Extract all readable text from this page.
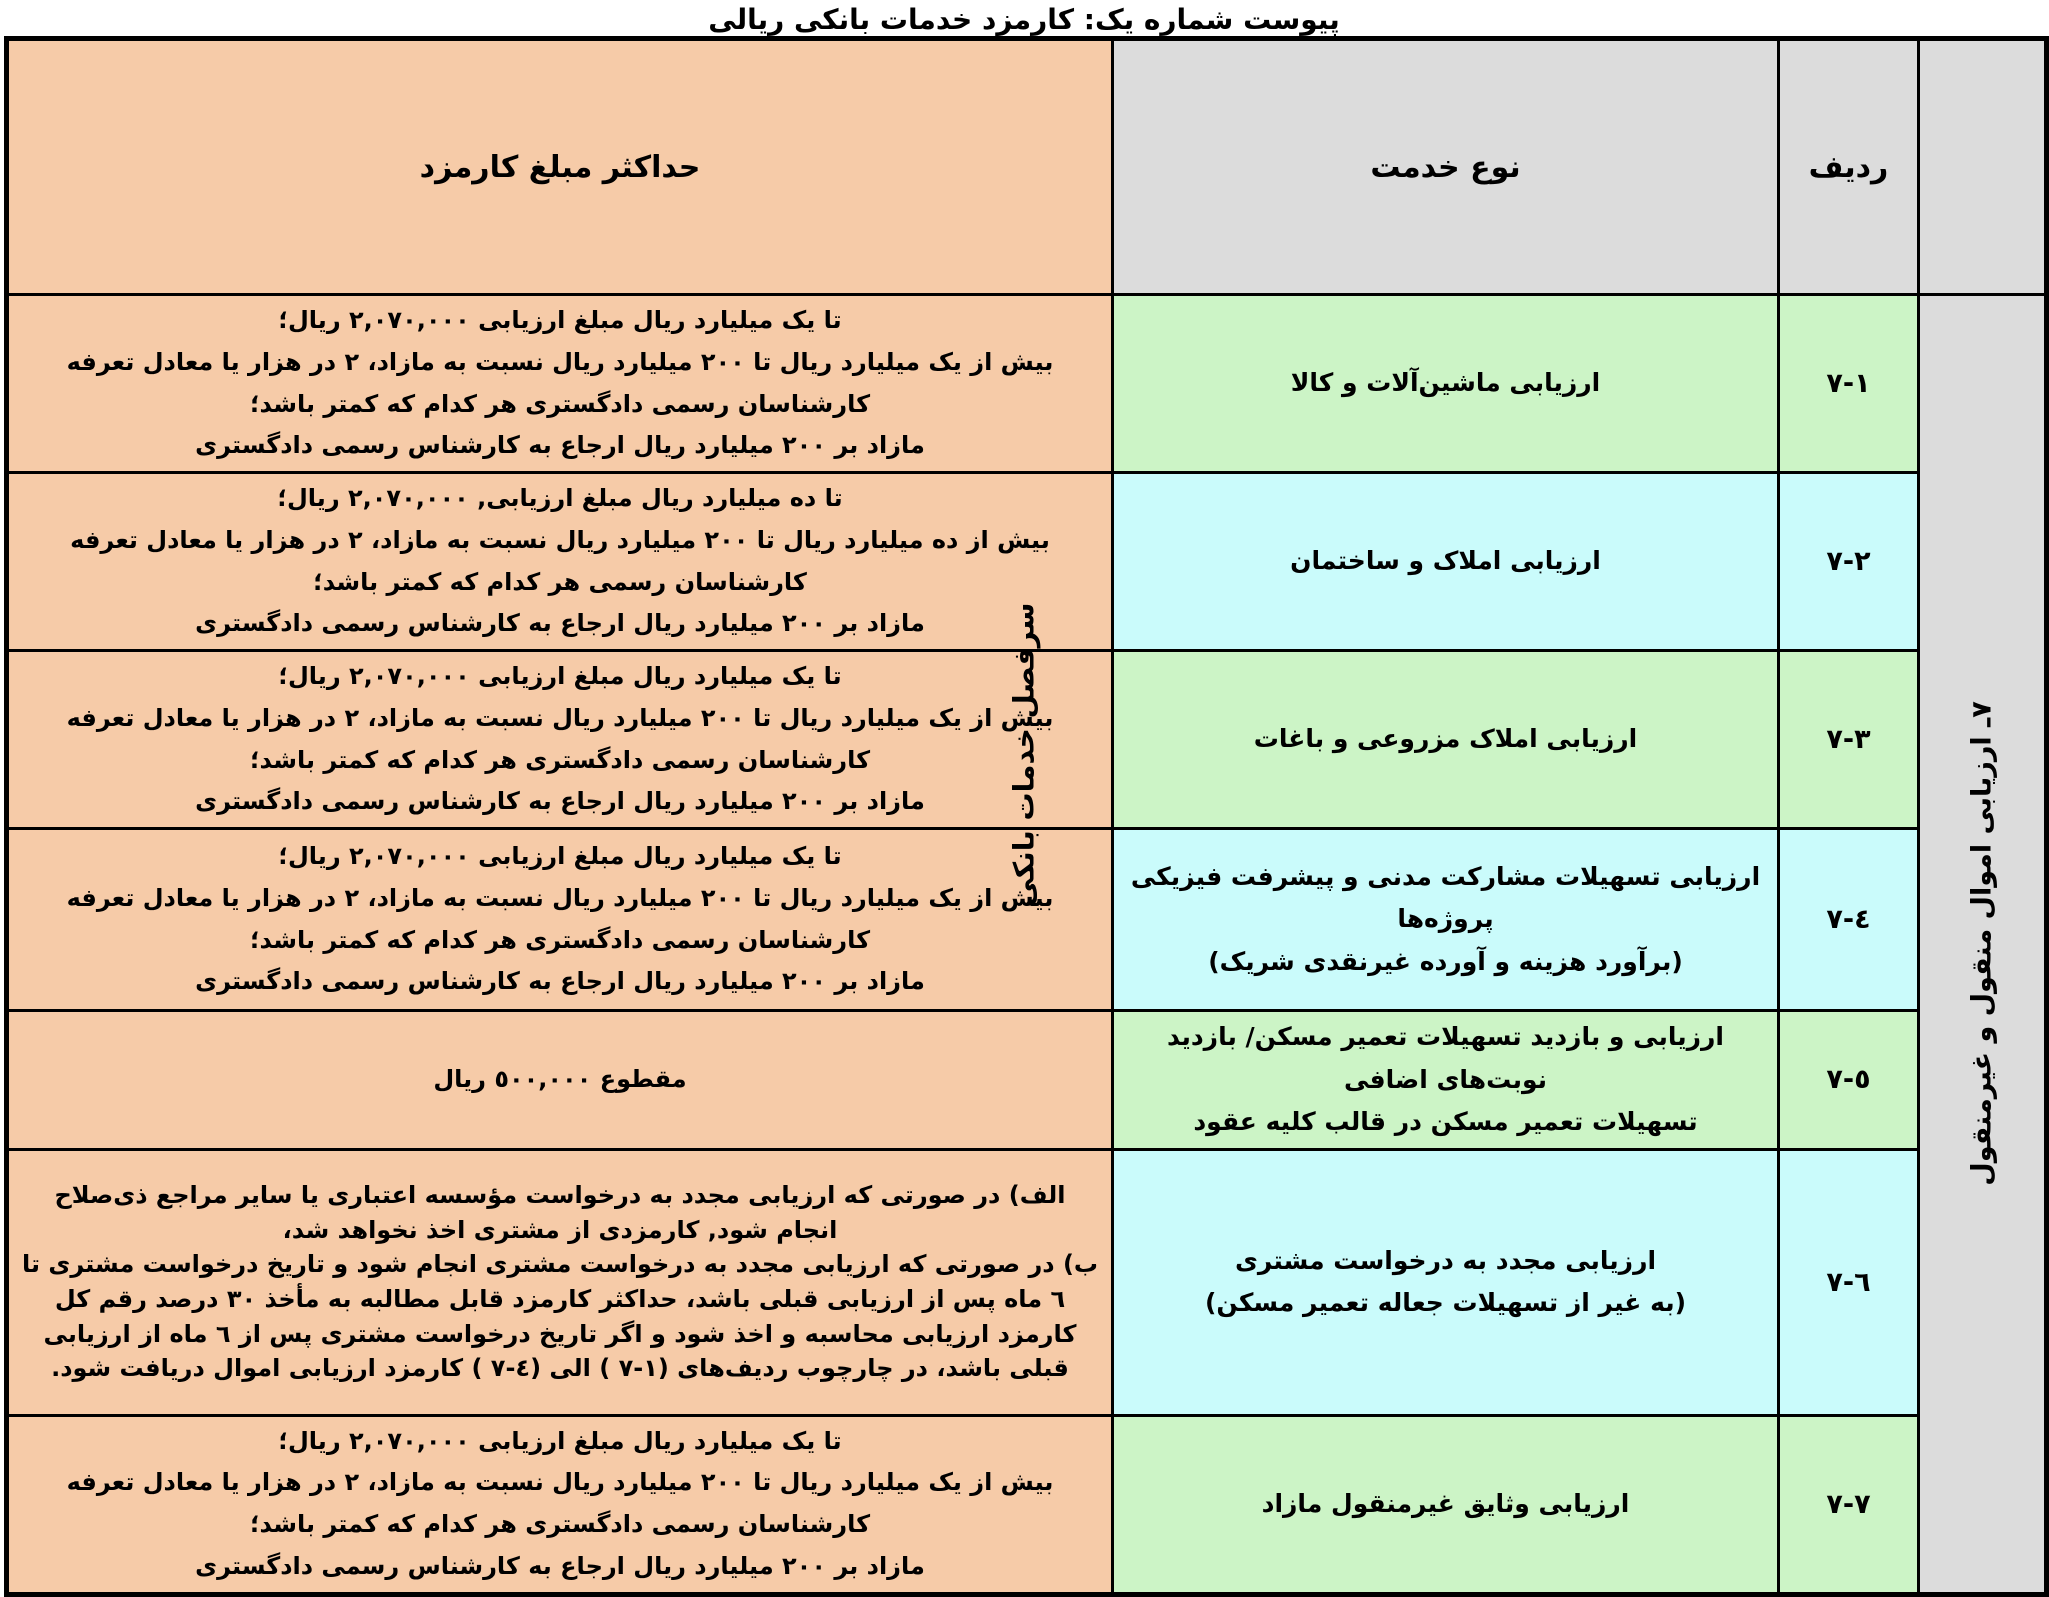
پیوست شماره یک: کارمزد خدمات بانکی ریالی
سرفصل خدمات بانکی	ردیف	نوع خدمت	حداکثر مبلغ کارمزد

۷ـ ارزیابی اموال منقول و غیرمنقول	۷-۱	ارزیابی ماشین‌آلات و کالا	تا یک میلیارد ریال مبلغ ارزیابی ۲,۰۷۰,۰۰۰ ریال؛
بیش از یک میلیارد ریال تا ۲۰۰ میلیارد ریال نسبت به مازاد، ۲ در هزار یا معادل تعرفه کارشناسان رسمی دادگستری هر کدام که کمتر باشد؛
مازاد بر ۲۰۰ میلیارد ریال ارجاع به کارشناس رسمی دادگستری
	۷-۲	ارزیابی املاک و ساختمان	تا ده میلیارد ریال مبلغ ارزیابی, ۲,۰۷۰,۰۰۰ ریال؛
بیش از ده میلیارد ریال تا ۲۰۰ میلیارد ریال نسبت به مازاد، ۲ در هزار یا معادل تعرفه کارشناسان رسمی هر کدام که کمتر باشد؛
مازاد بر ۲۰۰ میلیارد ریال ارجاع به کارشناس رسمی دادگستری
	۷-۳	ارزیابی املاک مزروعی و باغات	تا یک میلیارد ریال مبلغ ارزیابی ۲,۰۷۰,۰۰۰ ریال؛
بیش از یک میلیارد ریال تا ۲۰۰ میلیارد ریال نسبت به مازاد، ۲ در هزار یا معادل تعرفه کارشناسان رسمی دادگستری هر کدام که کمتر باشد؛
مازاد بر ۲۰۰ میلیارد ریال ارجاع به کارشناس رسمی دادگستری
	۷-٤	ارزیابی تسهیلات مشارکت مدنی و پیشرفت فیزیکی پروژه‌ها
(برآورد هزینه و آورده غیرنقدی شریک)	تا یک میلیارد ریال مبلغ ارزیابی ۲,۰۷۰,۰۰۰ ریال؛
بیش از یک میلیارد ریال تا ۲۰۰ میلیارد ریال نسبت به مازاد، ۲ در هزار یا معادل تعرفه کارشناسان رسمی دادگستری هر کدام که کمتر باشد؛
مازاد بر ۲۰۰ میلیارد ریال ارجاع به کارشناس رسمی دادگستری
	۷-٥	ارزیابی و بازدید تسهیلات تعمیر مسکن/ بازدید نوبت‌های اضافی
تسهیلات تعمیر مسکن در قالب کلیه عقود	مقطوع ٥٠٠,٠٠٠ ریال
	۷-٦	ارزیابی مجدد به درخواست مشتری
(به غیر از تسهیلات جعاله تعمیر مسکن)	الف) در صورتی که ارزیابی مجدد به درخواست مؤسسه اعتباری یا سایر مراجع ذی‌صلاح انجام شود, کارمزدی از مشتری اخذ نخواهد شد،
ب) در صورتی که ارزیابی مجدد به درخواست مشتری انجام شود و تاریخ درخواست مشتری تا ٦ ماه پس از ارزیابی قبلی باشد، حداکثر کارمزد قابل مطالبه به مأخذ ۳۰ درصد رقم کل کارمزد ارزیابی محاسبه و اخذ شود و اگر تاریخ درخواست مشتری پس از ٦ ماه از ارزیابی قبلی باشد، در چارچوب ردیف‌های (‭۷-۱‬ ) الی (‭۷-٤‬ ) کارمزد ارزیابی اموال دریافت شود.
	۷-۷	ارزیابی وثایق غیرمنقول مازاد	تا یک میلیارد ریال مبلغ ارزیابی ۲,۰۷۰,۰۰۰ ریال؛
بیش از یک میلیارد ریال تا ۲۰۰ میلیارد ریال نسبت به مازاد، ۲ در هزار یا معادل تعرفه کارشناسان رسمی دادگستری هر کدام که کمتر باشد؛
مازاد بر ۲۰۰ میلیارد ریال ارجاع به کارشناس رسمی دادگستری
